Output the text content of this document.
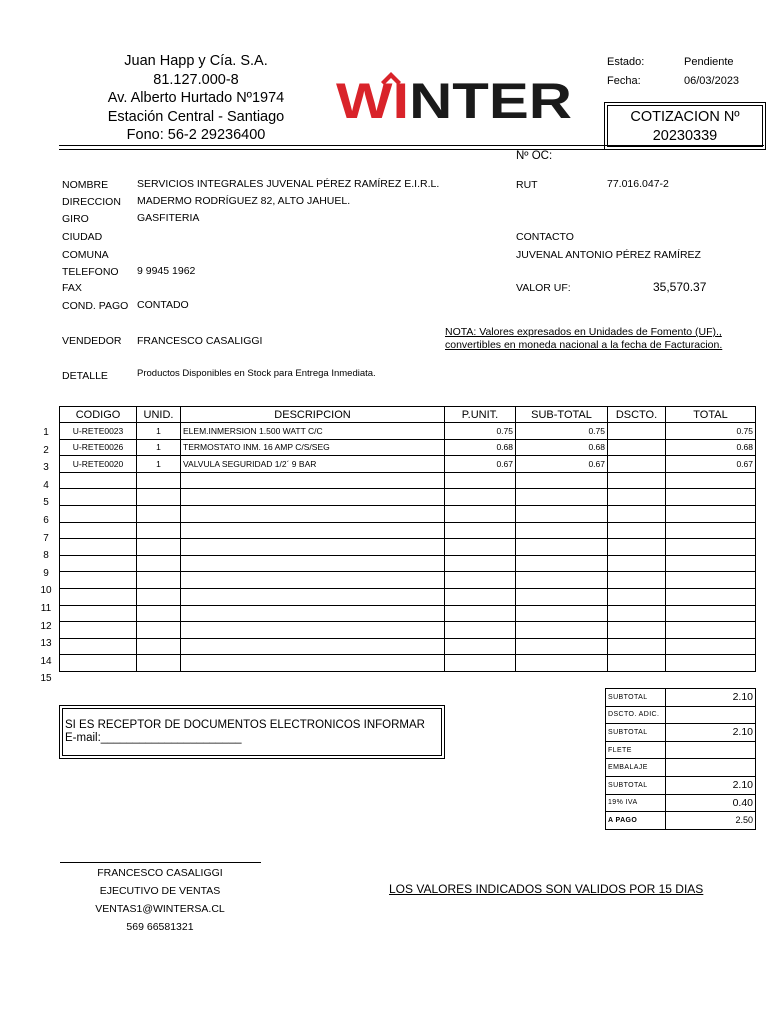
Juan Happ y Cía. S.A.
81.127.000-8
Av. Alberto Hurtado Nº1974
Estación Central - Santiago
Fono: 56-2 29236400
W IN T E R
Estado:	Pendiente
Fecha:	06/03/2023
COTIZACION Nº
20230339
Nº OC:
NOMBRE	SERVICIOS INTEGRALES JUVENAL PÉREZ RAMÍREZ E.I.R.L.
DIRECCION MADERMO RODRÍGUEZ 82, ALTO JAHUEL.
GIRO	GASFITERIA
CIUDAD
COMUNA
TELEFONO 9 9945 1962
FAX
COND. PAGO CONTADO
RUT	77.016.047-2
CONTACTO
JUVENAL ANTONIO PÉREZ RAMÍREZ
VALOR UF:	35,570.37
VENDEDOR FRANCESCO CASALIGGI
NOTA: Valores expresados en Unidades de Fomento (UF).,
convertibles en moneda nacional a la fecha de Facturacion.
DETALLE	Productos Disponibles en Stock para Entrega Inmediata.
CODIGO	UNID.	DESCRIPCION	P.UNIT.	SUB-TOTAL	DSCTO.	TOTAL
U-RETE0023	1	ELEM.INMERSION 1.500 WATT C/C	0.75	0.75		0.75
U-RETE0026	1	TERMOSTATO INM. 16 AMP C/S/SEG	0.68	0.68		0.68
U-RETE0020	1	VALVULA SEGURIDAD 1/2´ 9 BAR	0.67	0.67		0.67

1
2
3
4
5
6
7
8
9
10
11
12
13
14
15
SUBTOTAL	2.10
DSCTO. ADIC.	
SUBTOTAL	2.10
FLETE	
EMBALAJE	
SUBTOTAL	2.10
19% IVA	0.40
A PAGO	2.50
SI ES RECEPTOR DE DOCUMENTOS ELECTRONICOS INFORMAR
E-mail:______________________
FRANCESCO CASALIGGI
EJECUTIVO DE VENTAS
VENTAS1@WINTERSA.CL
569 66581321
LOS VALORES INDICADOS SON VALIDOS POR 15 DIAS
